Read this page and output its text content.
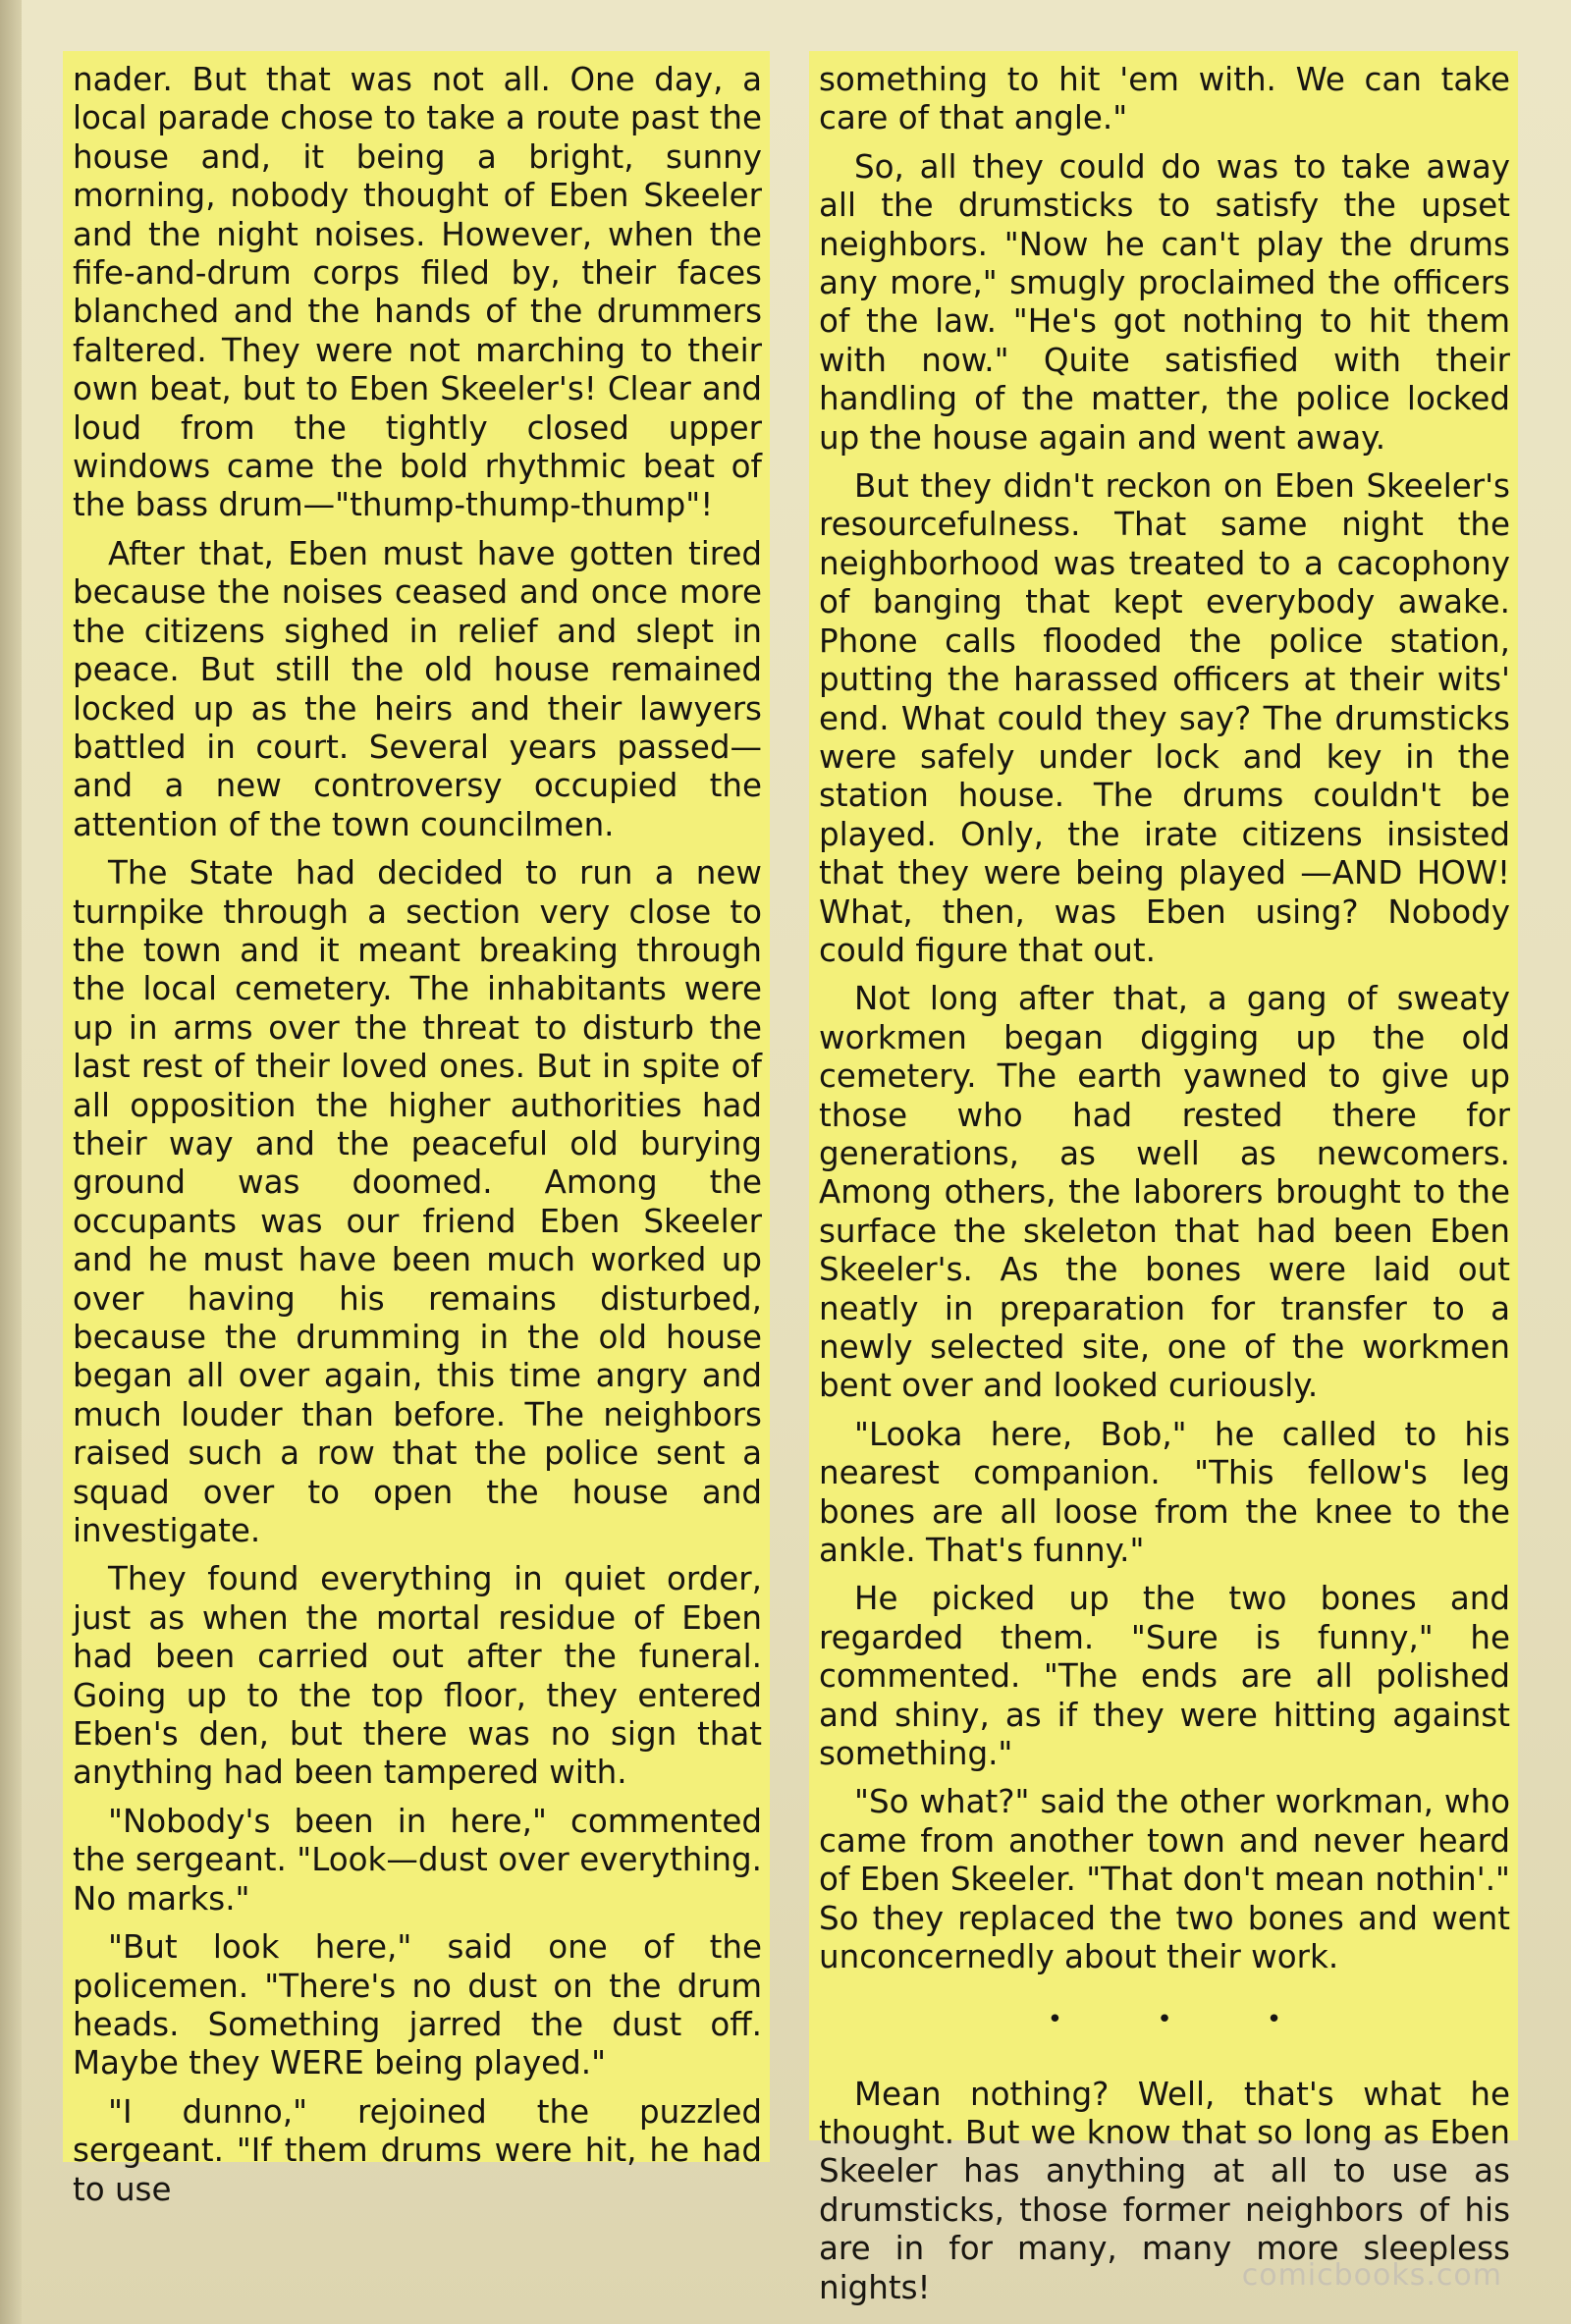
nader. But that was not all. One day, a local parade chose to take a route past the house and, it being a bright, sunny morning, nobody thought of Eben Skeeler and the night noises. However, when the fife-and-drum corps filed by, their faces blanched and the hands of the drummers faltered. They were not marching to their own beat, but to Eben Skeeler's! Clear and loud from the tightly closed upper windows came the bold rhythmic beat of the bass drum—"thump-thump-thump"!

After that, Eben must have gotten tired because the noises ceased and once more the citizens sighed in relief and slept in peace. But still the old house remained locked up as the heirs and their lawyers battled in court. Several years passed—and a new controversy occupied the attention of the town councilmen.

The State had decided to run a new turnpike through a section very close to the town and it meant breaking through the local cemetery. The inhabitants were up in arms over the threat to disturb the last rest of their loved ones. But in spite of all opposition the higher authorities had their way and the peaceful old burying ground was doomed. Among the occupants was our friend Eben Skeeler and he must have been much worked up over having his remains disturbed, because the drumming in the old house began all over again, this time angry and much louder than before. The neighbors raised such a row that the police sent a squad over to open the house and investigate.

They found everything in quiet order, just as when the mortal residue of Eben had been carried out after the funeral. Going up to the top floor, they entered Eben's den, but there was no sign that anything had been tampered with.

"Nobody's been in here," commented the sergeant. "Look—dust over everything. No marks."

"But look here," said one of the policemen. "There's no dust on the drum heads. Something jarred the dust off. Maybe they WERE being played."

"I dunno," rejoined the puzzled sergeant. "If them drums were hit, he had to use

something to hit 'em with. We can take care of that angle."

So, all they could do was to take away all the drumsticks to satisfy the upset neighbors. "Now he can't play the drums any more," smugly proclaimed the officers of the law. "He's got nothing to hit them with now." Quite satisfied with their handling of the matter, the police locked up the house again and went away.

But they didn't reckon on Eben Skeeler's resourcefulness. That same night the neighborhood was treated to a cacophony of banging that kept everybody awake. Phone calls flooded the police station, putting the harassed officers at their wits' end. What could they say? The drumsticks were safely under lock and key in the station house. The drums couldn't be played. Only, the irate citizens insisted that they were being played —AND HOW! What, then, was Eben using? Nobody could figure that out.

Not long after that, a gang of sweaty workmen began digging up the old cemetery. The earth yawned to give up those who had rested there for generations, as well as newcomers. Among others, the laborers brought to the surface the skeleton that had been Eben Skeeler's. As the bones were laid out neatly in preparation for transfer to a newly selected site, one of the workmen bent over and looked curiously.

"Looka here, Bob," he called to his nearest companion. "This fellow's leg bones are all loose from the knee to the ankle. That's funny."

He picked up the two bones and regarded them. "Sure is funny," he commented. "The ends are all polished and shiny, as if they were hitting against something."

"So what?" said the other workman, who came from another town and never heard of Eben Skeeler. "That don't mean nothin'." So they replaced the two bones and went unconcernedly about their work.

• • •

Mean nothing? Well, that's what he thought. But we know that so long as Eben Skeeler has anything at all to use as drumsticks, those former neighbors of his are in for many, many more sleepless nights!	comicbooks.com
